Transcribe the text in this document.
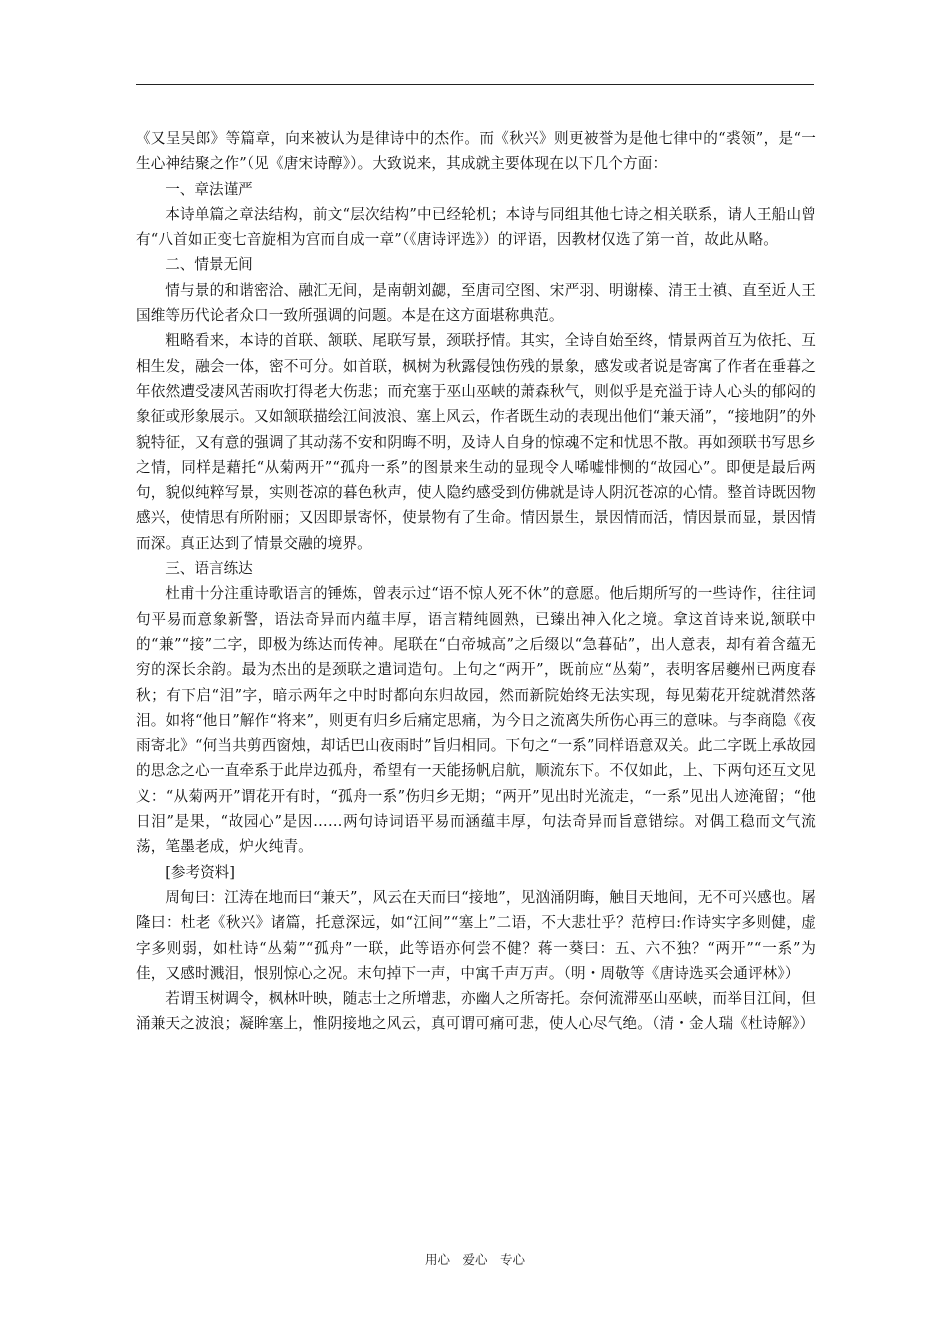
《又呈吴郎》等篇章，向来被认为是律诗中的杰作。而《秋兴》则更被誉为是他七律中的“裘领”，是“一生心神结聚之作”（见《唐宋诗醇》）。大致说来，其成就主要体现在以下几个方面：

一、章法谨严

本诗单篇之章法结构，前文“层次结构”中已经轮机；本诗与同组其他七诗之相关联系，请人王船山曾有“八首如正变七音旋相为宫而自成一章”（《唐诗评选》）的评语，因教材仅选了第一首，故此从略。

二、情景无间

情与景的和谐密洽、融汇无间，是南朝刘勰，至唐司空图、宋严羽、明谢榛、清王士禛、直至近人王国维等历代论者众口一致所强调的问题。本是在这方面堪称典范。

粗略看来，本诗的首联、颔联、尾联写景，颈联抒情。其实，全诗自始至终，情景两首互为依托、互相生发，融会一体，密不可分。如首联，枫树为秋露侵蚀伤残的景象，感发或者说是寄寓了作者在垂暮之年依然遭受凄风苦雨吹打得老大伤悲；而充塞于巫山巫峡的萧森秋气，则似乎是充溢于诗人心头的郁闷的象征或形象展示。又如颔联描绘江间波浪、塞上风云，作者既生动的表现出他们“兼天涌”，“接地阴”的外貌特征，又有意的强调了其动荡不安和阴晦不明，及诗人自身的惊魂不定和忧思不散。再如颈联书写思乡之情，同样是藉托“从菊两开”“孤舟一系”的图景来生动的显现令人唏嘘悱恻的“故园心”。即便是最后两句，貌似纯粹写景，实则苍凉的暮色秋声，使人隐约感受到仿佛就是诗人阴沉苍凉的心情。整首诗既因物感兴，使情思有所附丽；又因即景寄怀，使景物有了生命。情因景生，景因情而活，情因景而显，景因情而深。真正达到了情景交融的境界。

三、语言练达

杜甫十分注重诗歌语言的锤炼，曾表示过“语不惊人死不休”的意愿。他后期所写的一些诗作，往往词句平易而意象新警，语法奇异而内蕴丰厚，语言精纯圆熟，已臻出神入化之境。拿这首诗来说,颔联中的“兼”“接”二字，即极为练达而传神。尾联在“白帝城高”之后缀以“急暮砧”，出人意表，却有着含蕴无穷的深长余韵。最为杰出的是颈联之遣词造句。上句之“两开”，既前应“丛菊”，表明客居夔州已两度春秋；有下启“泪”字，暗示两年之中时时都向东归故园，然而新院始终无法实现，每见菊花开绽就潸然落泪。如将“他日”解作“将来”，则更有归乡后痛定思痛，为今日之流离失所伤心再三的意味。与李商隐《夜雨寄北》“何当共剪西窗烛，却话巴山夜雨时”旨归相同。下句之“一系”同样语意双关。此二字既上承故园的思念之心一直牵系于此岸边孤舟，希望有一天能扬帆启航，顺流东下。不仅如此，上、下两句还互文见义：“从菊两开”谓花开有时，“孤舟一系”伤归乡无期；“两开”见出时光流走，“一系”见出人迹淹留；“他日泪”是果，“故园心”是因……两句诗词语平易而涵蕴丰厚，句法奇异而旨意错综。对偶工稳而文气流荡，笔墨老成，炉火纯青。

[参考资料]

周甸曰：江涛在地而曰“兼天”，风云在天而曰“接地”，见汹涌阴晦，触目天地间，无不可兴感也。屠隆曰：杜老《秋兴》诸篇，托意深远，如“江间”“塞上”二语，不大悲壮乎？范梈曰:作诗实字多则健，虚字多则弱，如杜诗“丛菊”“孤舟”一联，此等语亦何尝不健？蒋一葵曰：五、六不独？“两开”“一系”为佳，又感时溅泪，恨别惊心之况。末句掉下一声，中寓千声万声。（明・周敬等《唐诗选买会通评林》）

若谓玉树调令，枫林叶映，随志士之所增悲，亦幽人之所寄托。奈何流滞巫山巫峡，而举目江间，但涌兼天之波浪；凝眸塞上，惟阴接地之风云，真可谓可痛可悲，使人心尽气绝。（清・金人瑞《杜诗解》）

用心　爱心　专心
